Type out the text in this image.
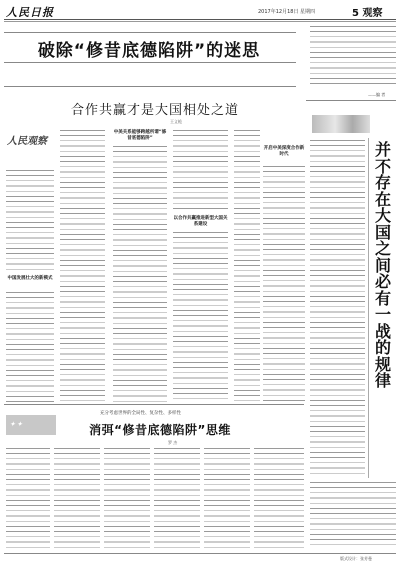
人民日报	2017年12月18日 星期四	5 观察
破除“修昔底德陷阱”的迷思
合作共赢才是大国相处之道
王义桅
人民观察
中国发展壮大的新模式
中美关系能够跨越所谓“修昔底德陷阱”
以合作共赢推进新型大国关系建设
开启中美深度合作新时代
——编 者
并不存在大国之间必有一战的规律
✦ ✦
充分考虑世界的全局性、复杂性、多样性
消弭“修昔底德陷阱”思维
罗 杰
版式设计：张芳曼
